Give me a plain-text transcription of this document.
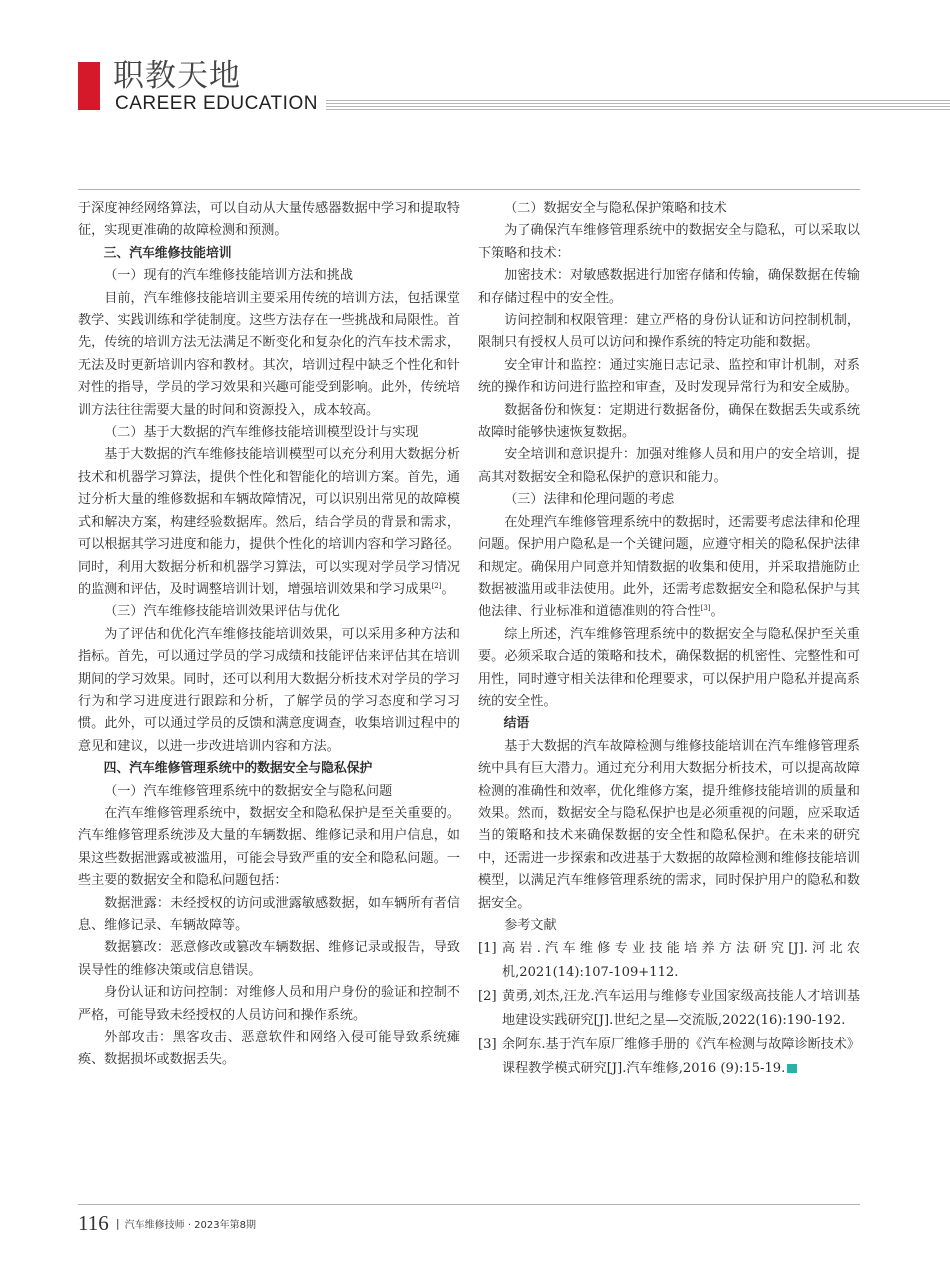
职教天地
CAREER EDUCATION

于深度神经网络算法，可以自动从大量传感器数据中学习和提取特征，实现更准确的故障检测和预测。

三、汽车维修技能培训

（一）现有的汽车维修技能培训方法和挑战

目前，汽车维修技能培训主要采用传统的培训方法，包括课堂教学、实践训练和学徒制度。这些方法存在一些挑战和局限性。首先，传统的培训方法无法满足不断变化和复杂化的汽车技术需求，无法及时更新培训内容和教材。其次，培训过程中缺乏个性化和针对性的指导，学员的学习效果和兴趣可能受到影响。此外，传统培训方法往往需要大量的时间和资源投入，成本较高。

（二）基于大数据的汽车维修技能培训模型设计与实现

基于大数据的汽车维修技能培训模型可以充分利用大数据分析技术和机器学习算法，提供个性化和智能化的培训方案。首先，通过分析大量的维修数据和车辆故障情况，可以识别出常见的故障模式和解决方案，构建经验数据库。然后，结合学员的背景和需求，可以根据其学习进度和能力，提供个性化的培训内容和学习路径。同时，利用大数据分析和机器学习算法，可以实现对学员学习情况的监测和评估，及时调整培训计划，增强培训效果和学习成果[2]。

（三）汽车维修技能培训效果评估与优化

为了评估和优化汽车维修技能培训效果，可以采用多种方法和指标。首先，可以通过学员的学习成绩和技能评估来评估其在培训期间的学习效果。同时，还可以利用大数据分析技术对学员的学习行为和学习进度进行跟踪和分析，了解学员的学习态度和学习习惯。此外，可以通过学员的反馈和满意度调查，收集培训过程中的意见和建议，以进一步改进培训内容和方法。

四、汽车维修管理系统中的数据安全与隐私保护

（一）汽车维修管理系统中的数据安全与隐私问题

在汽车维修管理系统中，数据安全和隐私保护是至关重要的。汽车维修管理系统涉及大量的车辆数据、维修记录和用户信息，如果这些数据泄露或被滥用，可能会导致严重的安全和隐私问题。一些主要的数据安全和隐私问题包括：

数据泄露：未经授权的访问或泄露敏感数据，如车辆所有者信息、维修记录、车辆故障等。

数据篡改：恶意修改或篡改车辆数据、维修记录或报告，导致误导性的维修决策或信息错误。

身份认证和访问控制：对维修人员和用户身份的验证和控制不严格，可能导致未经授权的人员访问和操作系统。

外部攻击：黑客攻击、恶意软件和网络入侵可能导致系统瘫痪、数据损坏或数据丢失。

（二）数据安全与隐私保护策略和技术

为了确保汽车维修管理系统中的数据安全与隐私，可以采取以下策略和技术：

加密技术：对敏感数据进行加密存储和传输，确保数据在传输和存储过程中的安全性。

访问控制和权限管理：建立严格的身份认证和访问控制机制，限制只有授权人员可以访问和操作系统的特定功能和数据。

安全审计和监控：通过实施日志记录、监控和审计机制，对系统的操作和访问进行监控和审查，及时发现异常行为和安全威胁。

数据备份和恢复：定期进行数据备份，确保在数据丢失或系统故障时能够快速恢复数据。

安全培训和意识提升：加强对维修人员和用户的安全培训，提高其对数据安全和隐私保护的意识和能力。

（三）法律和伦理问题的考虑

在处理汽车维修管理系统中的数据时，还需要考虑法律和伦理问题。保护用户隐私是一个关键问题，应遵守相关的隐私保护法律和规定。确保用户同意并知情数据的收集和使用，并采取措施防止数据被滥用或非法使用。此外，还需考虑数据安全和隐私保护与其他法律、行业标准和道德准则的符合性[3]。

综上所述，汽车维修管理系统中的数据安全与隐私保护至关重要。必须采取合适的策略和技术，确保数据的机密性、完整性和可用性，同时遵守相关法律和伦理要求，可以保护用户隐私并提高系统的安全性。

结语

基于大数据的汽车故障检测与维修技能培训在汽车维修管理系统中具有巨大潜力。通过充分利用大数据分析技术，可以提高故障检测的准确性和效率，优化维修方案，提升维修技能培训的质量和效果。然而，数据安全与隐私保护也是必须重视的问题，应采取适当的策略和技术来确保数据的安全性和隐私保护。在未来的研究中，还需进一步探索和改进基于大数据的故障检测和维修技能培训模型，以满足汽车维修管理系统的需求，同时保护用户的隐私和数据安全。

参考文献

[1] 高岩.汽车维修专业技能培养方法研究[J].河北农机,2021(14):107-109+112.
[2] 黄勇,刘杰,汪龙.汽车运用与维修专业国家级高技能人才培训基地建设实践研究[J].世纪之星—交流版,2022(16):190-192.
[3] 余阿东.基于汽车原厂维修手册的《汽车检测与故障诊断技术》课程教学模式研究[J].汽车维修,2016 (9):15-19.
116 | 汽车维修技师 · 2023年第8期
